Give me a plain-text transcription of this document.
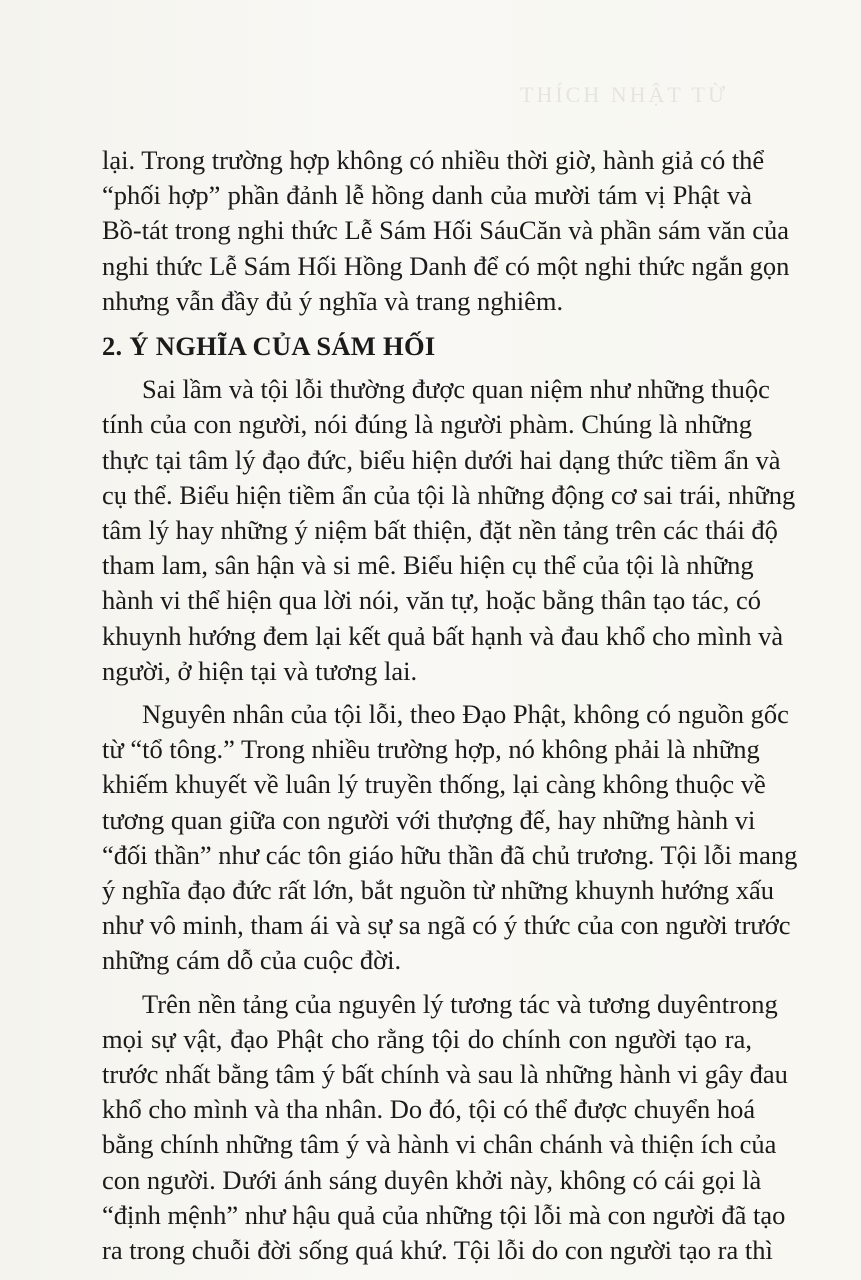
THÍCH NHẬT TỪ

lại. Trong trường hợp không có nhiều thời giờ, hành giả có thể
“phối hợp” phần đảnh lễ hồng danh của mười tám vị Phật và
Bồ-tát trong nghi thức Lễ Sám Hối SáuCăn và phần sám văn của
nghi thức Lễ Sám Hối Hồng Danh để có một nghi thức ngắn gọn
nhưng vẫn đầy đủ ý nghĩa và trang nghiêm.

2. Ý NGHĨA CỦA SÁM HỐI

Sai lầm và tội lỗi thường được quan niệm như những thuộc
tính của con người, nói đúng là người phàm. Chúng là những
thực tại tâm lý đạo đức, biểu hiện dưới hai dạng thức tiềm ẩn và
cụ thể. Biểu hiện tiềm ẩn của tội là những động cơ sai trái, những
tâm lý hay những ý niệm bất thiện, đặt nền tảng trên các thái độ
tham lam, sân hận và si mê. Biểu hiện cụ thể của tội là những
hành vi thể hiện qua lời nói, văn tự, hoặc bằng thân tạo tác, có
khuynh hướng đem lại kết quả bất hạnh và đau khổ cho mình và
người, ở hiện tại và tương lai.

Nguyên nhân của tội lỗi, theo Đạo Phật, không có nguồn gốc
từ “tổ tông.” Trong nhiều trường hợp, nó không phải là những
khiếm khuyết về luân lý truyền thống, lại càng không thuộc về
tương quan giữa con người với thượng đế, hay những hành vi
“đối thần” như các tôn giáo hữu thần đã chủ trương. Tội lỗi mang
ý nghĩa đạo đức rất lớn, bắt nguồn từ những khuynh hướng xấu
như vô minh, tham ái và sự sa ngã có ý thức của con người trước
những cám dỗ của cuộc đời.

Trên nền tảng của nguyên lý tương tác và tương duyêntrong
mọi sự vật, đạo Phật cho rằng tội do chính con người tạo ra,
trước nhất bằng tâm ý bất chính và sau là những hành vi gây đau
khổ cho mình và tha nhân. Do đó, tội có thể được chuyển hoá
bằng chính những tâm ý và hành vi chân chánh và thiện ích của
con người. Dưới ánh sáng duyên khởi này, không có cái gọi là
“định mệnh” như hậu quả của những tội lỗi mà con người đã tạo
ra trong chuỗi đời sống quá khứ. Tội lỗi do con người tạo ra thì
